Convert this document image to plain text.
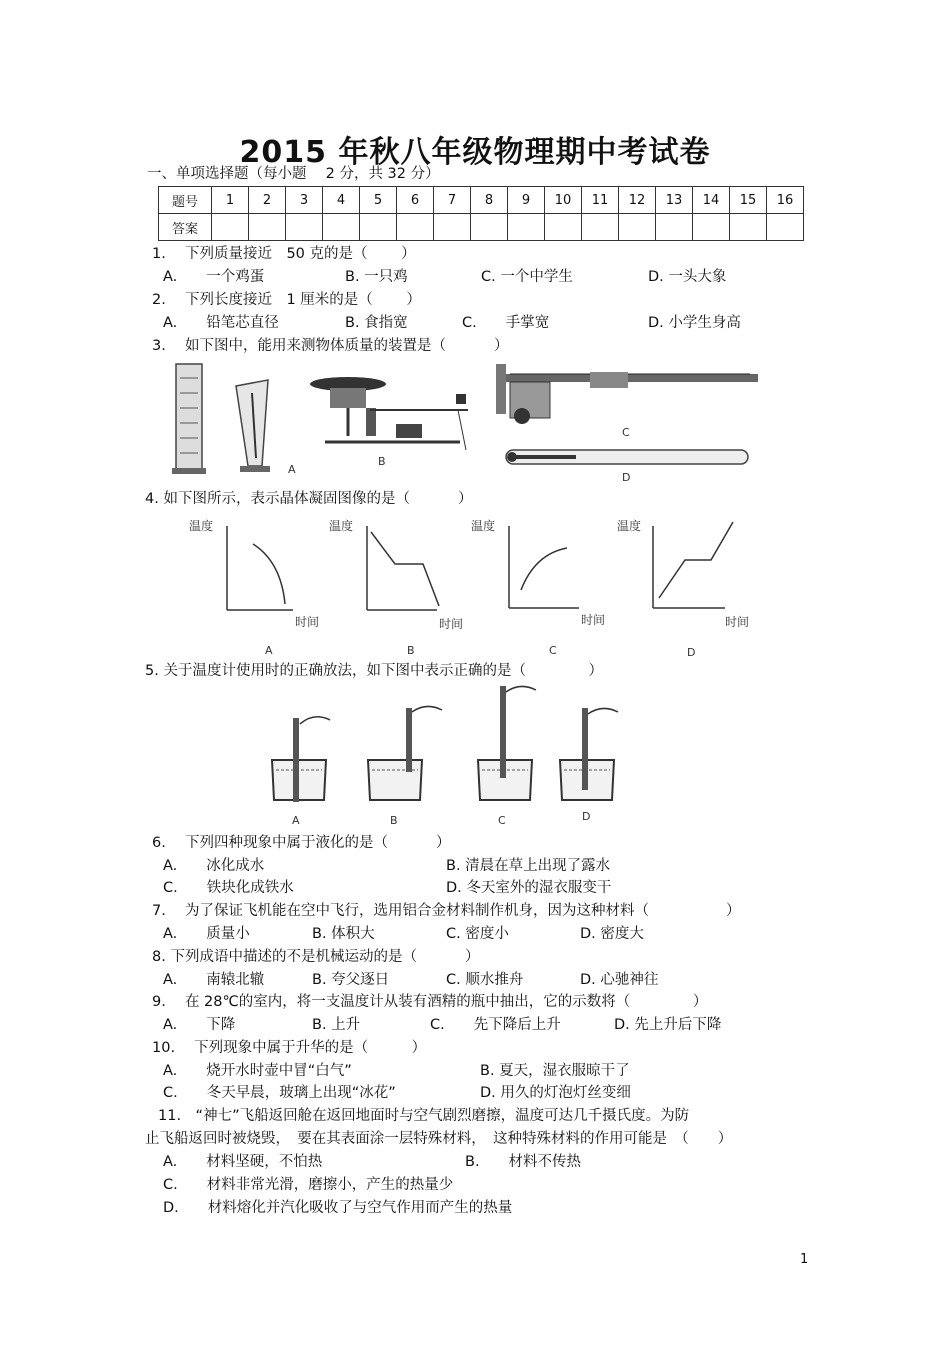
2015 年秋八年级物理期中考试卷
一、单项选择题（每小题　 2 分，共 32 分）
题号	1	2	3	4	5	6	7	8	9	10	11	12	13	14	15	16
答案																
1.　 下列质量接近　50 克的是（　　 ）
A.　　一个鸡蛋	B. 一只鸡	C. 一个中学生	D. 一头大象
2.　 下列长度接近　1 厘米的是（　　 ）
A.　　铅笔芯直径	B. 食指宽	C.　　手掌宽	D. 小学生身高
3.　 如下图中，能用来测物体质量的装置是（　　　 ）
A
B
C
D
4. 如下图所示，表示晶体凝固图像的是（　　　 ）
温度
时间
A
温度
时间
B
温度
时间
C
温度
时间
D
5. 关于温度计使用时的正确放法，如下图中表示正确的是（　　　　 ）
A	B	C	D
6.　 下列四种现象中属于液化的是（　　　 ）
A.　　冰化成水	B. 清晨在草上出现了露水
C.　　铁块化成铁水	D. 冬天室外的湿衣服变干
7.　 为了保证飞机能在空中飞行，选用铝合金材料制作机身，因为这种材料（　　　　　 ）
A.　　质量小	B. 体积大	C. 密度小	D. 密度大
8. 下列成语中描述的不是机械运动的是（　　　 ）
A.　　南辕北辙	B. 夸父逐日	C. 顺水推舟	D. 心驰神往
9.　 在 28℃的室内，将一支温度计从装有酒精的瓶中抽出，它的示数将（　　　　 ）
A.　　下降	B. 上升	C.　　先下降后上升	D. 先上升后下降
10.　 下列现象中属于升华的是（　　　）
A.　　烧开水时壶中冒“白气”	B. 夏天，湿衣服晾干了
C.　　冬天早晨，玻璃上出现“冰花”	D. 用久的灯泡灯丝变细
11.　“神七”飞船返回舱在返回地面时与空气剧烈磨擦，温度可达几千摄氏度。为防
止飞船返回时被烧毁，　要在其表面涂一层特殊材料，　这种特殊材料的作用可能是　（　　）
A.　　材料坚硬，不怕热	B.　　材料不传热
C.　　材料非常光滑，磨擦小，产生的热量少
D.　　材料熔化并汽化吸收了与空气作用而产生的热量
1
